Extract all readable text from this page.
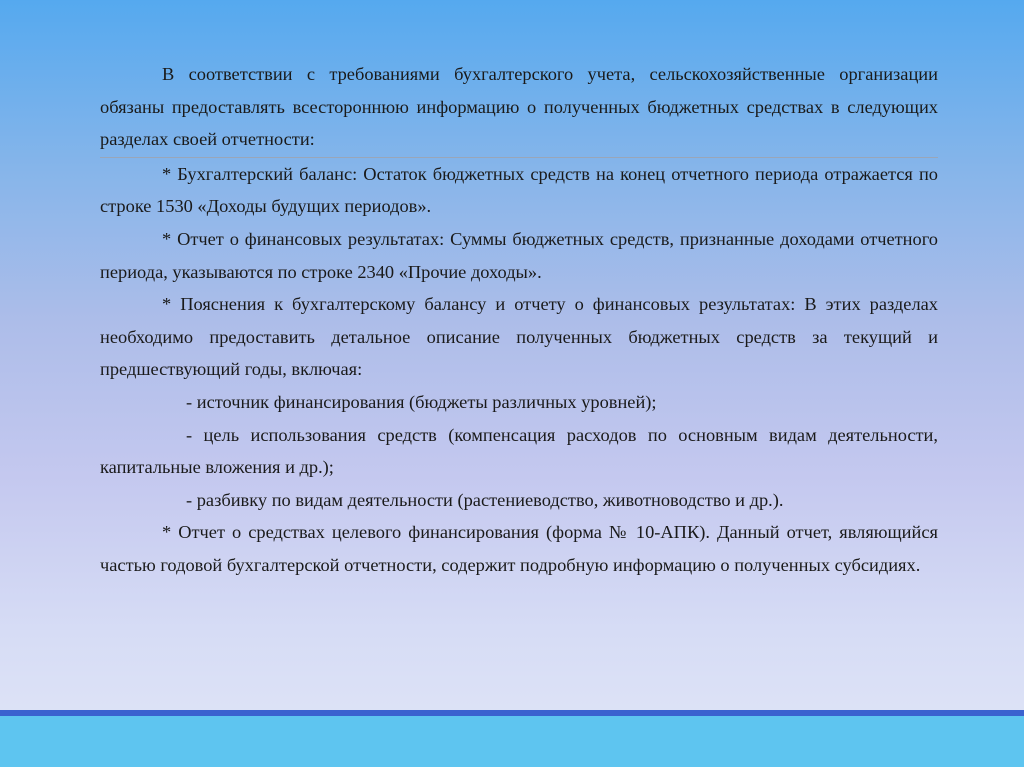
В соответствии с требованиями бухгалтерского учета, сельскохозяйственные организации обязаны предоставлять всестороннюю информацию о полученных бюджетных средствах в следующих разделах своей отчетности:

* Бухгалтерский баланс: Остаток бюджетных средств на конец отчетного периода отражается по строке 1530 «Доходы будущих периодов».

* Отчет о финансовых результатах: Суммы бюджетных средств, признанные доходами отчетного периода, указываются по строке 2340 «Прочие доходы».

* Пояснения к бухгалтерскому балансу и отчету о финансовых результатах: В этих разделах необходимо предоставить детальное описание полученных бюджетных средств за текущий и предшествующий годы, включая:

- источник финансирования (бюджеты различных уровней);

- цель использования средств (компенсация расходов по основным видам деятельности, капитальные вложения и др.);

- разбивку по видам деятельности (растениеводство, животноводство и др.).

* Отчет о средствах целевого финансирования (форма № 10-АПК). Данный отчет, являющийся частью годовой бухгалтерской отчетности, содержит подробную информацию о полученных субсидиях.
